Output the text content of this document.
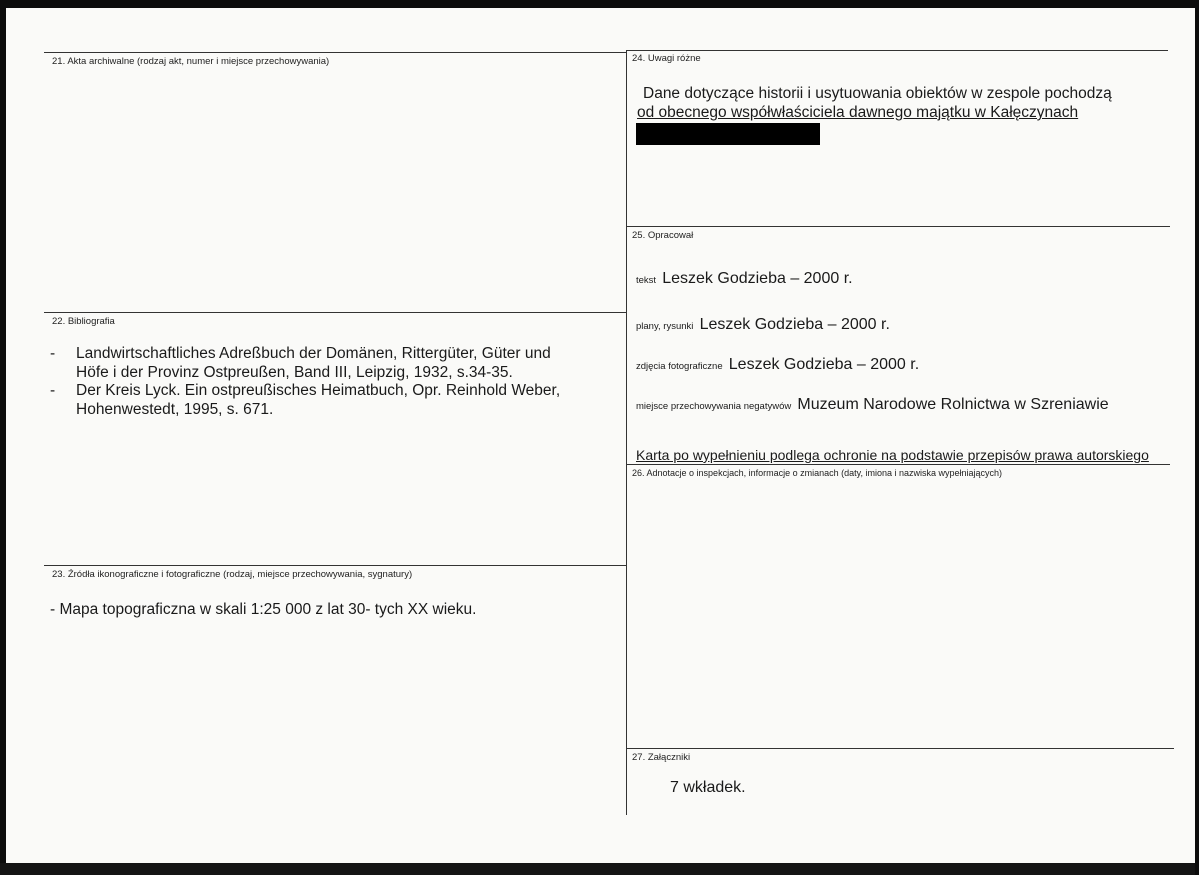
21. Akta archiwalne (rodzaj akt, numer i miejsce przechowywania)	24. Uwagi różne
Dane dotyczące historii i usytuowania obiektów w zespole pochodzą
od obecnego współwłaściciela dawnego majątku w Kałęczynach
25. Opracował
tekst Leszek Godzieba – 2000 r.
plany, rysunki Leszek Godzieba – 2000 r.
zdjęcia fotograficzne Leszek Godzieba – 2000 r.
miejsce przechowywania negatywów Muzeum Narodowe Rolnictwa w Szreniawie
Karta po wypełnieniu podlega ochronie na podstawie przepisów prawa autorskiego
26. Adnotacje o inspekcjach, informacje o zmianach (daty, imiona i nazwiska wypełniających)
22. Bibliografia
-	Landwirtschaftliches Adreßbuch der Domänen, Rittergüter, Güter und
Höfe i der Provinz Ostpreußen, Band III, Leipzig, 1932, s.34-35.
-	Der Kreis Lyck. Ein ostpreußisches Heimatbuch, Opr. Reinhold Weber,
Hohenwestedt, 1995, s. 671.
23. Źródła ikonograficzne i fotograficzne (rodzaj, miejsce przechowywania, sygnatury)
- Mapa topograficzna w skali 1:25 000 z lat 30- tych XX wieku.
27. Załączniki
7 wkładek.
